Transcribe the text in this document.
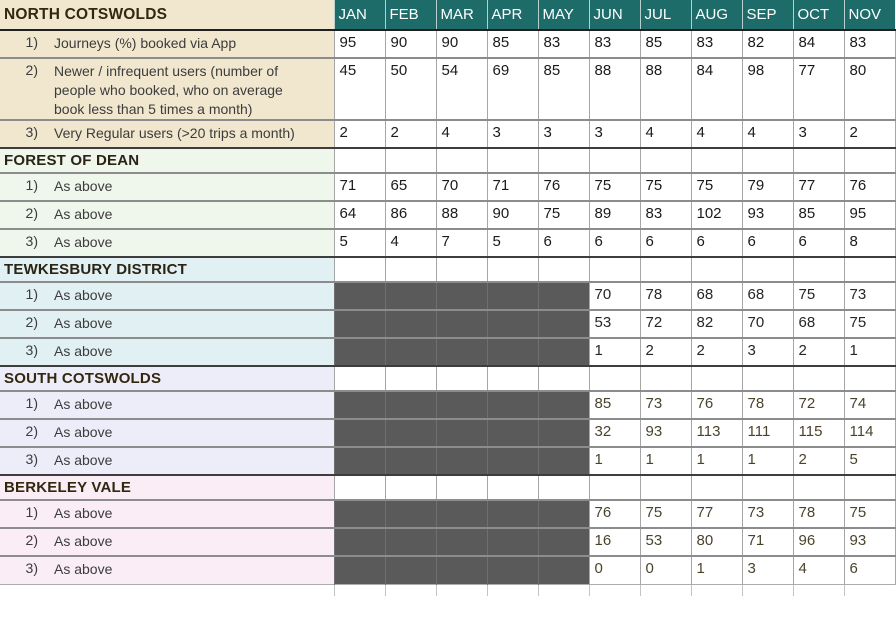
NORTH COTSWOLDS	JAN	FEB	MAR	APR	MAY	JUN	JUL	AUG	SEP	OCT	NOV

1) Journeys (%) booked via App	95	90	90	85	83	83	85	83	82	84	83

2) Newer / infrequent users (number of people who booked, who on average book less than 5 times a month)	45	50	54	69	85	88	88	84	98	77	80

3) Very Regular users (>20 trips a month)	2	2	4	3	3	3	4	4	4	3	2
FOREST OF DEAN											

1) As above	71	65	70	71	76	75	75	75	79	77	76

2) As above	64	86	88	90	75	89	83	102	93	85	95

3) As above	5	4	7	5	6	6	6	6	6	6	8
TEWKESBURY DISTRICT											

1) As above						70	78	68	68	75	73

2) As above						53	72	82	70	68	75

3) As above						1	2	2	3	2	1
SOUTH COTSWOLDS											

1) As above						85	73	76	78	72	74

2) As above						32	93	113	111	115	114

3) As above						1	1	1	1	2	5
BERKELEY VALE											

1) As above						76	75	77	73	78	75

2) As above						16	53	80	71	96	93

3) As above						0	0	1	3	4	6
